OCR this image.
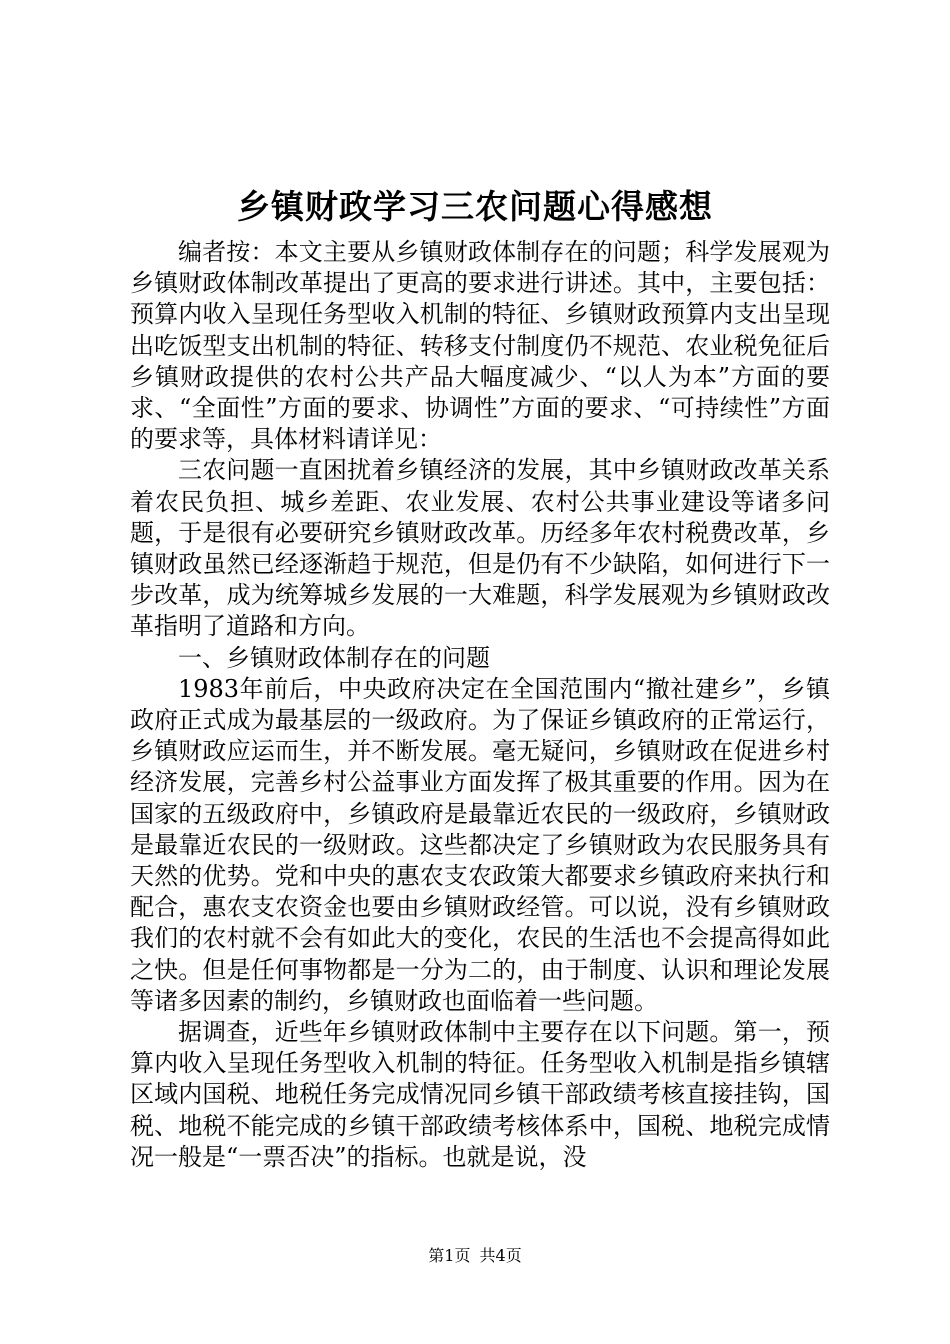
乡镇财政学习三农问题心得感想

编者按：本文主要从乡镇财政体制存在的问题；科学发展观为乡镇财政体制改革提出了更高的要求进行讲述。其中，主要包括：预算内收入呈现任务型收入机制的特征、乡镇财政预算内支出呈现出吃饭型支出机制的特征、转移支付制度仍不规范、农业税免征后乡镇财政提供的农村公共产品大幅度减少、“以人为本”方面的要求、“全面性”方面的要求、协调性”方面的要求、“可持续性”方面的要求等，具体材料请详见：

三农问题一直困扰着乡镇经济的发展，其中乡镇财政改革关系着农民负担、城乡差距、农业发展、农村公共事业建设等诸多问题，于是很有必要研究乡镇财政改革。历经多年农村税费改革，乡镇财政虽然已经逐渐趋于规范，但是仍有不少缺陷，如何进行下一步改革，成为统筹城乡发展的一大难题，科学发展观为乡镇财政改革指明了道路和方向。

一、乡镇财政体制存在的问题

1983年前后，中央政府决定在全国范围内“撤社建乡”，乡镇政府正式成为最基层的一级政府。为了保证乡镇政府的正常运行，乡镇财政应运而生，并不断发展。毫无疑问，乡镇财政在促进乡村经济发展，完善乡村公益事业方面发挥了极其重要的作用。因为在国家的五级政府中，乡镇政府是最靠近农民的一级政府，乡镇财政是最靠近农民的一级财政。这些都决定了乡镇财政为农民服务具有天然的优势。党和中央的惠农支农政策大都要求乡镇政府来执行和配合，惠农支农资金也要由乡镇财政经管。可以说，没有乡镇财政我们的农村就不会有如此大的变化，农民的生活也不会提高得如此之快。但是任何事物都是一分为二的，由于制度、认识和理论发展等诸多因素的制约，乡镇财政也面临着一些问题。

据调查，近些年乡镇财政体制中主要存在以下问题。第一，预算内收入呈现任务型收入机制的特征。任务型收入机制是指乡镇辖区域内国税、地税任务完成情况同乡镇干部政绩考核直接挂钩，国税、地税不能完成的乡镇干部政绩考核体系中，国税、地税完成情况一般是“一票否决”的指标。也就是说，没

第1页 共4页
